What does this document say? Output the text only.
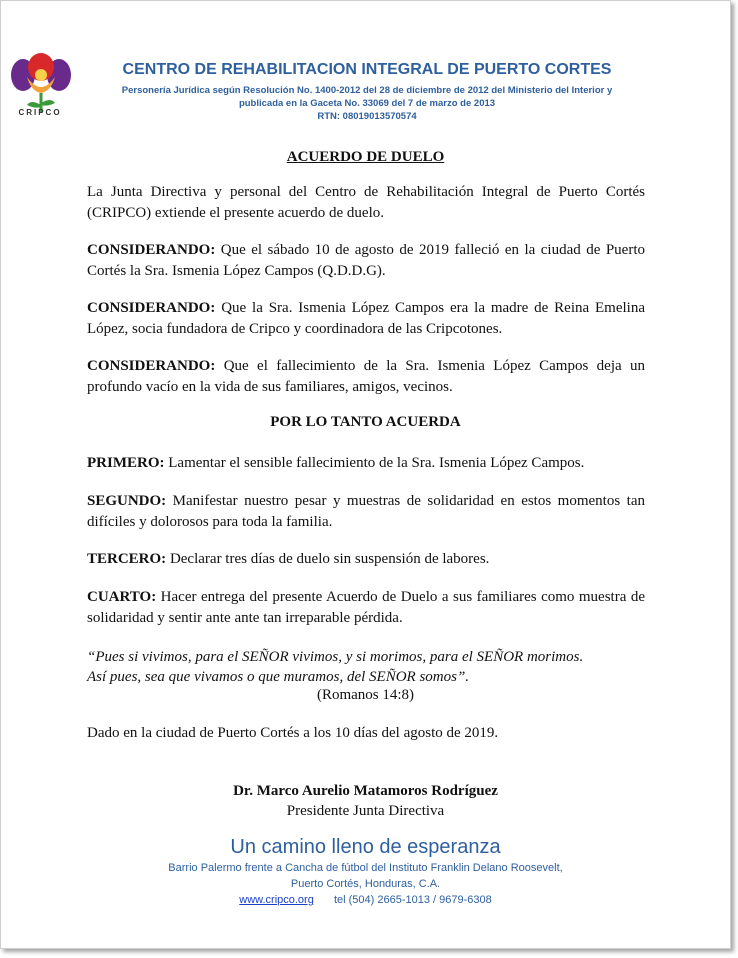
CRIPCO
CENTRO DE REHABILITACION INTEGRAL DE PUERTO CORTES
Personería Jurídica según Resolución No. 1400-2012 del 28 de diciembre de 2012 del Ministerio del Interior y
publicada en la Gaceta No. 33069 del 7 de marzo de 2013
RTN: 08019013570574
ACUERDO DE DUELO
La Junta Directiva y personal del Centro de Rehabilitación Integral de Puerto Cortés (CRIPCO) extiende el presente acuerdo de duelo.
CONSIDERANDO: Que el sábado 10 de agosto de 2019 falleció en la ciudad de Puerto Cortés la Sra. Ismenia López Campos (Q.D.D.G).
CONSIDERANDO: Que la Sra. Ismenia López Campos era la madre de Reina Emelina López, socia fundadora de Cripco y coordinadora de las Cripcotones.
CONSIDERANDO: Que el fallecimiento de la Sra. Ismenia López Campos deja un profundo vacío en la vida de sus familiares, amigos, vecinos.
POR LO TANTO ACUERDA
PRIMERO: Lamentar el sensible fallecimiento de la Sra. Ismenia López Campos.
SEGUNDO: Manifestar nuestro pesar y muestras de solidaridad en estos momentos tan difíciles y dolorosos para toda la familia.
TERCERO: Declarar tres días de duelo sin suspensión de labores.
CUARTO: Hacer entrega del presente Acuerdo de Duelo a sus familiares como muestra de solidaridad y sentir ante ante tan irreparable pérdida.
“Pues si vivimos, para el SEÑOR vivimos, y si morimos, para el SEÑOR morimos.
Así pues, sea que vivamos o que muramos, del SEÑOR somos”.
(Romanos 14:8)
Dado en la ciudad de Puerto Cortés a los 10 días del agosto de 2019.
Dr. Marco Aurelio Matamoros Rodríguez
Presidente Junta Directiva
Un camino lleno de esperanza
Barrio Palermo frente a Cancha de fútbol del Instituto Franklin Delano Roosevelt,
Puerto Cortés, Honduras, C.A.
www.cripco.org tel (504) 2665-1013 / 9679-6308
